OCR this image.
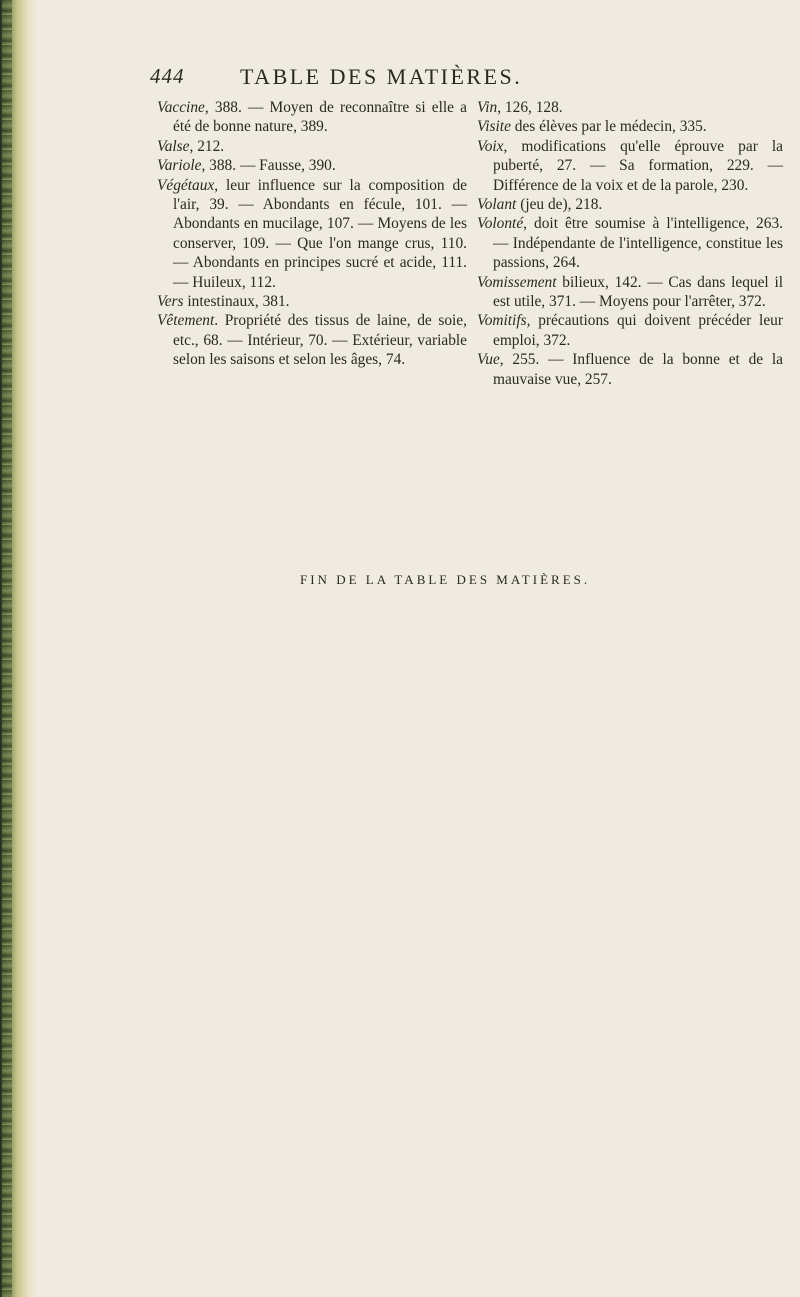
444	TABLE DES MATIÈRES.

Vaccine, 388. — Moyen de reconnaître si elle a été de bonne nature, 389.

Valse, 212.

Variole, 388. — Fausse, 390.

Végétaux, leur influence sur la composition de l'air, 39. — Abondants en fécule, 101. — Abondants en mucilage, 107. — Moyens de les conserver, 109. — Que l'on mange crus, 110. — Abondants en principes sucré et acide, 111. — Huileux, 112.

Vers intestinaux, 381.

Vêtement. Propriété des tissus de laine, de soie, etc., 68. — Intérieur, 70. — Extérieur, variable selon les saisons et selon les âges, 74.

Vin, 126, 128.

Visite des élèves par le médecin, 335.

Voix, modifications qu'elle éprouve par la puberté, 27. — Sa formation, 229. — Différence de la voix et de la parole, 230.

Volant (jeu de), 218.

Volonté, doit être soumise à l'intelligence, 263. — Indépendante de l'intelligence, constitue les passions, 264.

Vomissement bilieux, 142. — Cas dans lequel il est utile, 371. — Moyens pour l'arrêter, 372.

Vomitifs, précautions qui doivent précéder leur emploi, 372.

Vue, 255. — Influence de la bonne et de la mauvaise vue, 257.

FIN DE LA TABLE DES MATIÈRES.
